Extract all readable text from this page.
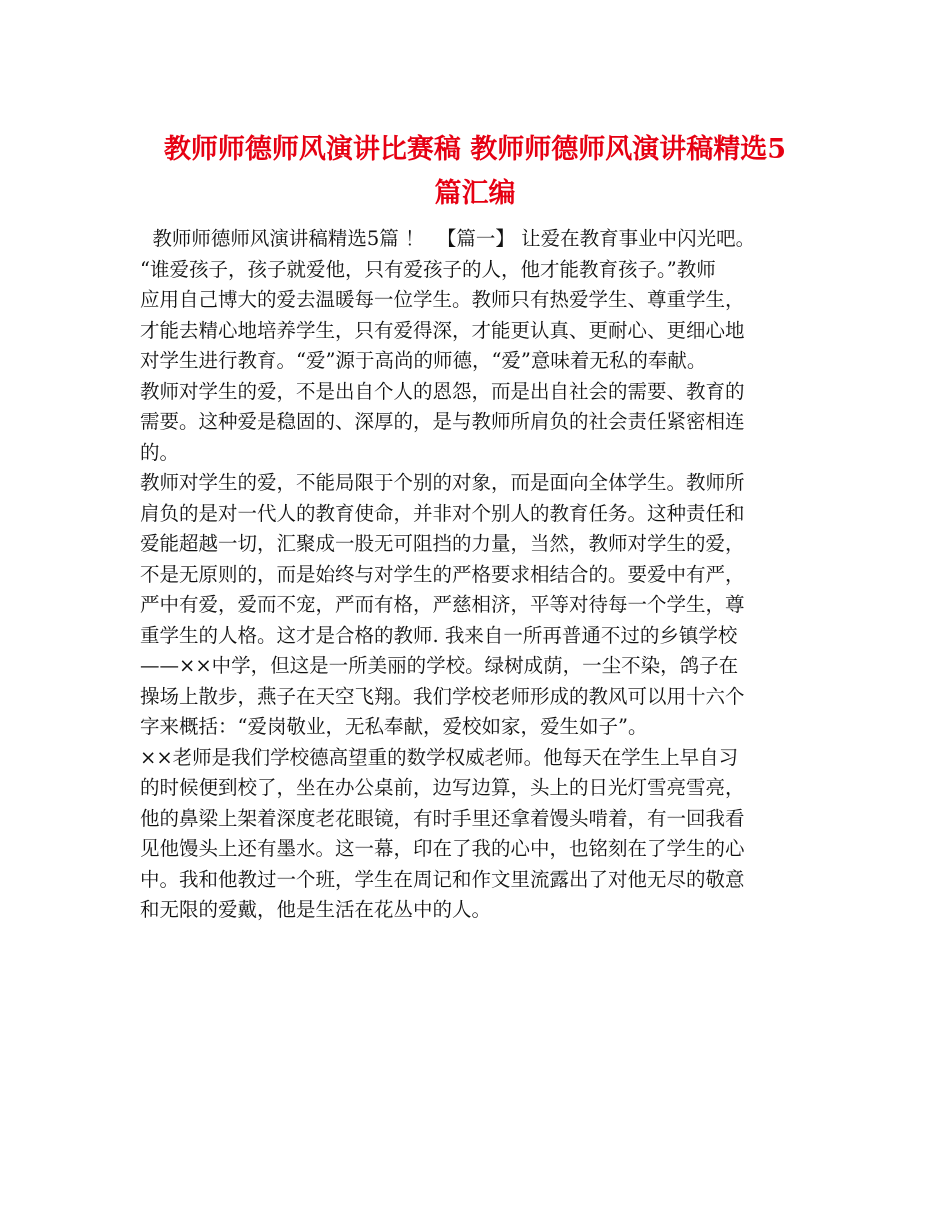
教师师德师风演讲比赛稿 教师师德师风演讲稿精选5
篇汇编
教师师德师风演讲稿精选5篇 ！  【篇一】 让爱在教育事业中闪光吧。
“谁爱孩子，孩子就爱他，只有爱孩子的人，他才能教育孩子。”教师
应用自己博大的爱去温暖每一位学生。教师只有热爱学生、尊重学生，
才能去精心地培养学生，只有爱得深，才能更认真、更耐心、更细心地
对学生进行教育。“爱”源于高尚的师德，“爱”意味着无私的奉献。
教师对学生的爱，不是出自个人的恩怨，而是出自社会的需要、教育的
需要。这种爱是稳固的、深厚的，是与教师所肩负的社会责任紧密相连
的。
教师对学生的爱，不能局限于个别的对象，而是面向全体学生。教师所
肩负的是对一代人的教育使命，并非对个别人的教育任务。这种责任和
爱能超越一切，汇聚成一股无可阻挡的力量，当然，教师对学生的爱，
不是无原则的，而是始终与对学生的严格要求相结合的。要爱中有严，
严中有爱，爱而不宠，严而有格，严慈相济，平等对待每一个学生，尊
重学生的人格。这才是合格的教师. 我来自一所再普通不过的乡镇学校
——××中学，但这是一所美丽的学校。绿树成荫，一尘不染，鸽子在
操场上散步，燕子在天空飞翔。我们学校老师形成的教风可以用十六个
字来概括：“爱岗敬业，无私奉献，爱校如家，爱生如子”。
××老师是我们学校德高望重的数学权威老师。他每天在学生上早自习
的时候便到校了，坐在办公桌前，边写边算，头上的日光灯雪亮雪亮，
他的鼻梁上架着深度老花眼镜，有时手里还拿着馒头啃着，有一回我看
见他馒头上还有墨水。这一幕，印在了我的心中，也铭刻在了学生的心
中。我和他教过一个班，学生在周记和作文里流露出了对他无尽的敬意
和无限的爱戴，他是生活在花丛中的人。
